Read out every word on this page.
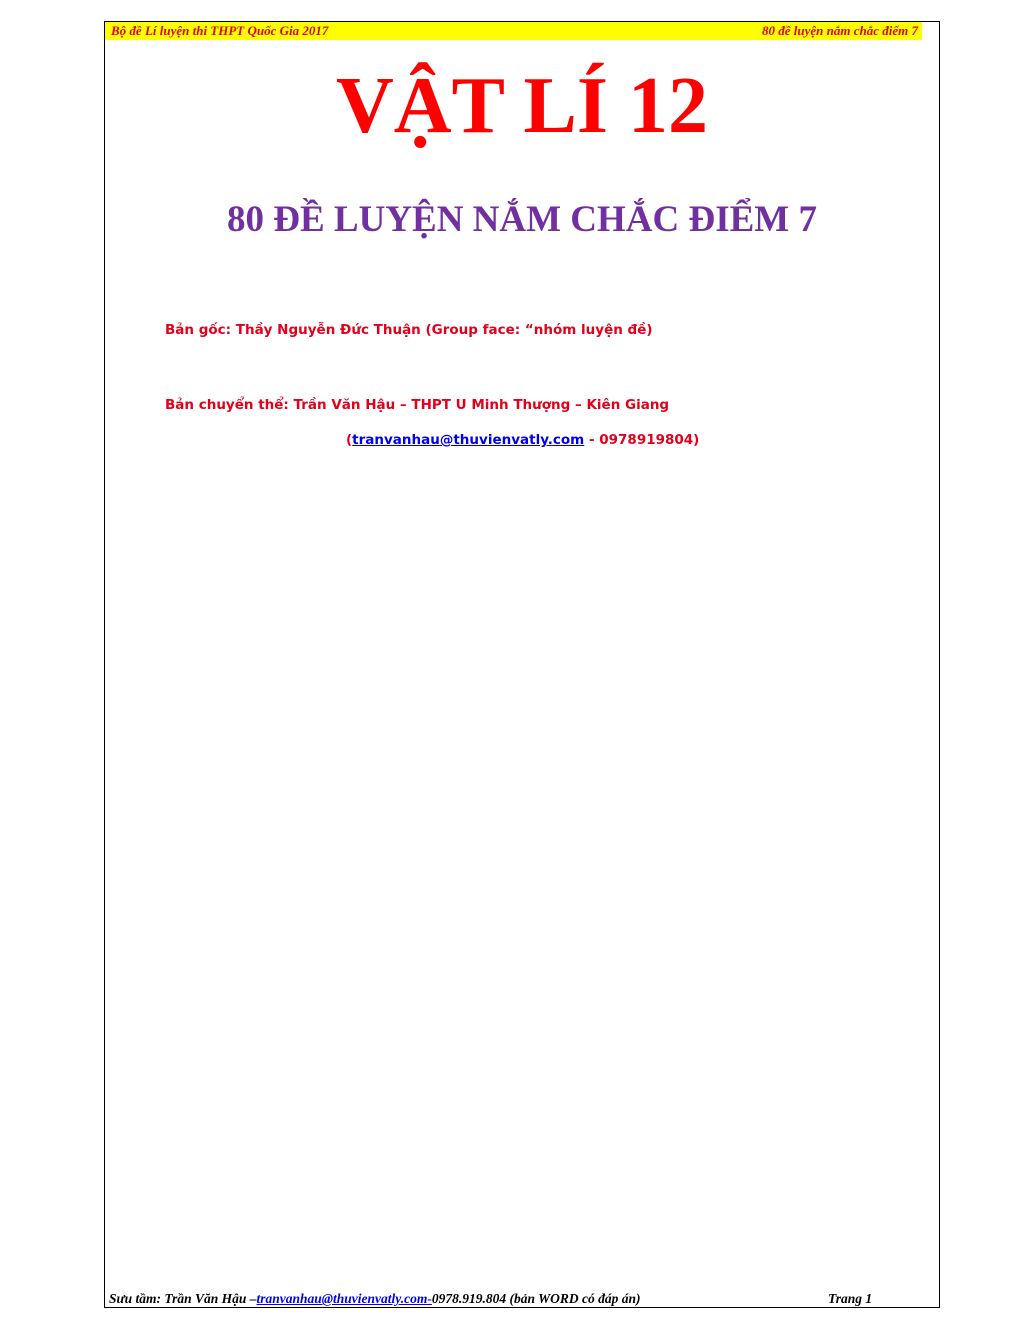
Bộ đề Lí luyện thi THPT Quốc Gia 2017	80 đề luyện nắm chắc điểm 7
VẬT LÍ 12
80 ĐỀ LUYỆN NẮM CHẮC ĐIỂM 7
Bản gốc: Thầy Nguyễn Đức Thuận (Group face: “nhóm luyện đề)
Bản chuyển thể: Trần Văn Hậu – THPT U Minh Thượng – Kiên Giang
(tranvanhau@thuvienvatly.com - 0978919804)
Sưu tầm: Trần Văn Hậu – tranvanhau@thuvienvatly.com- 0978.919.804 (bản WORD có đáp án)	Trang 1
